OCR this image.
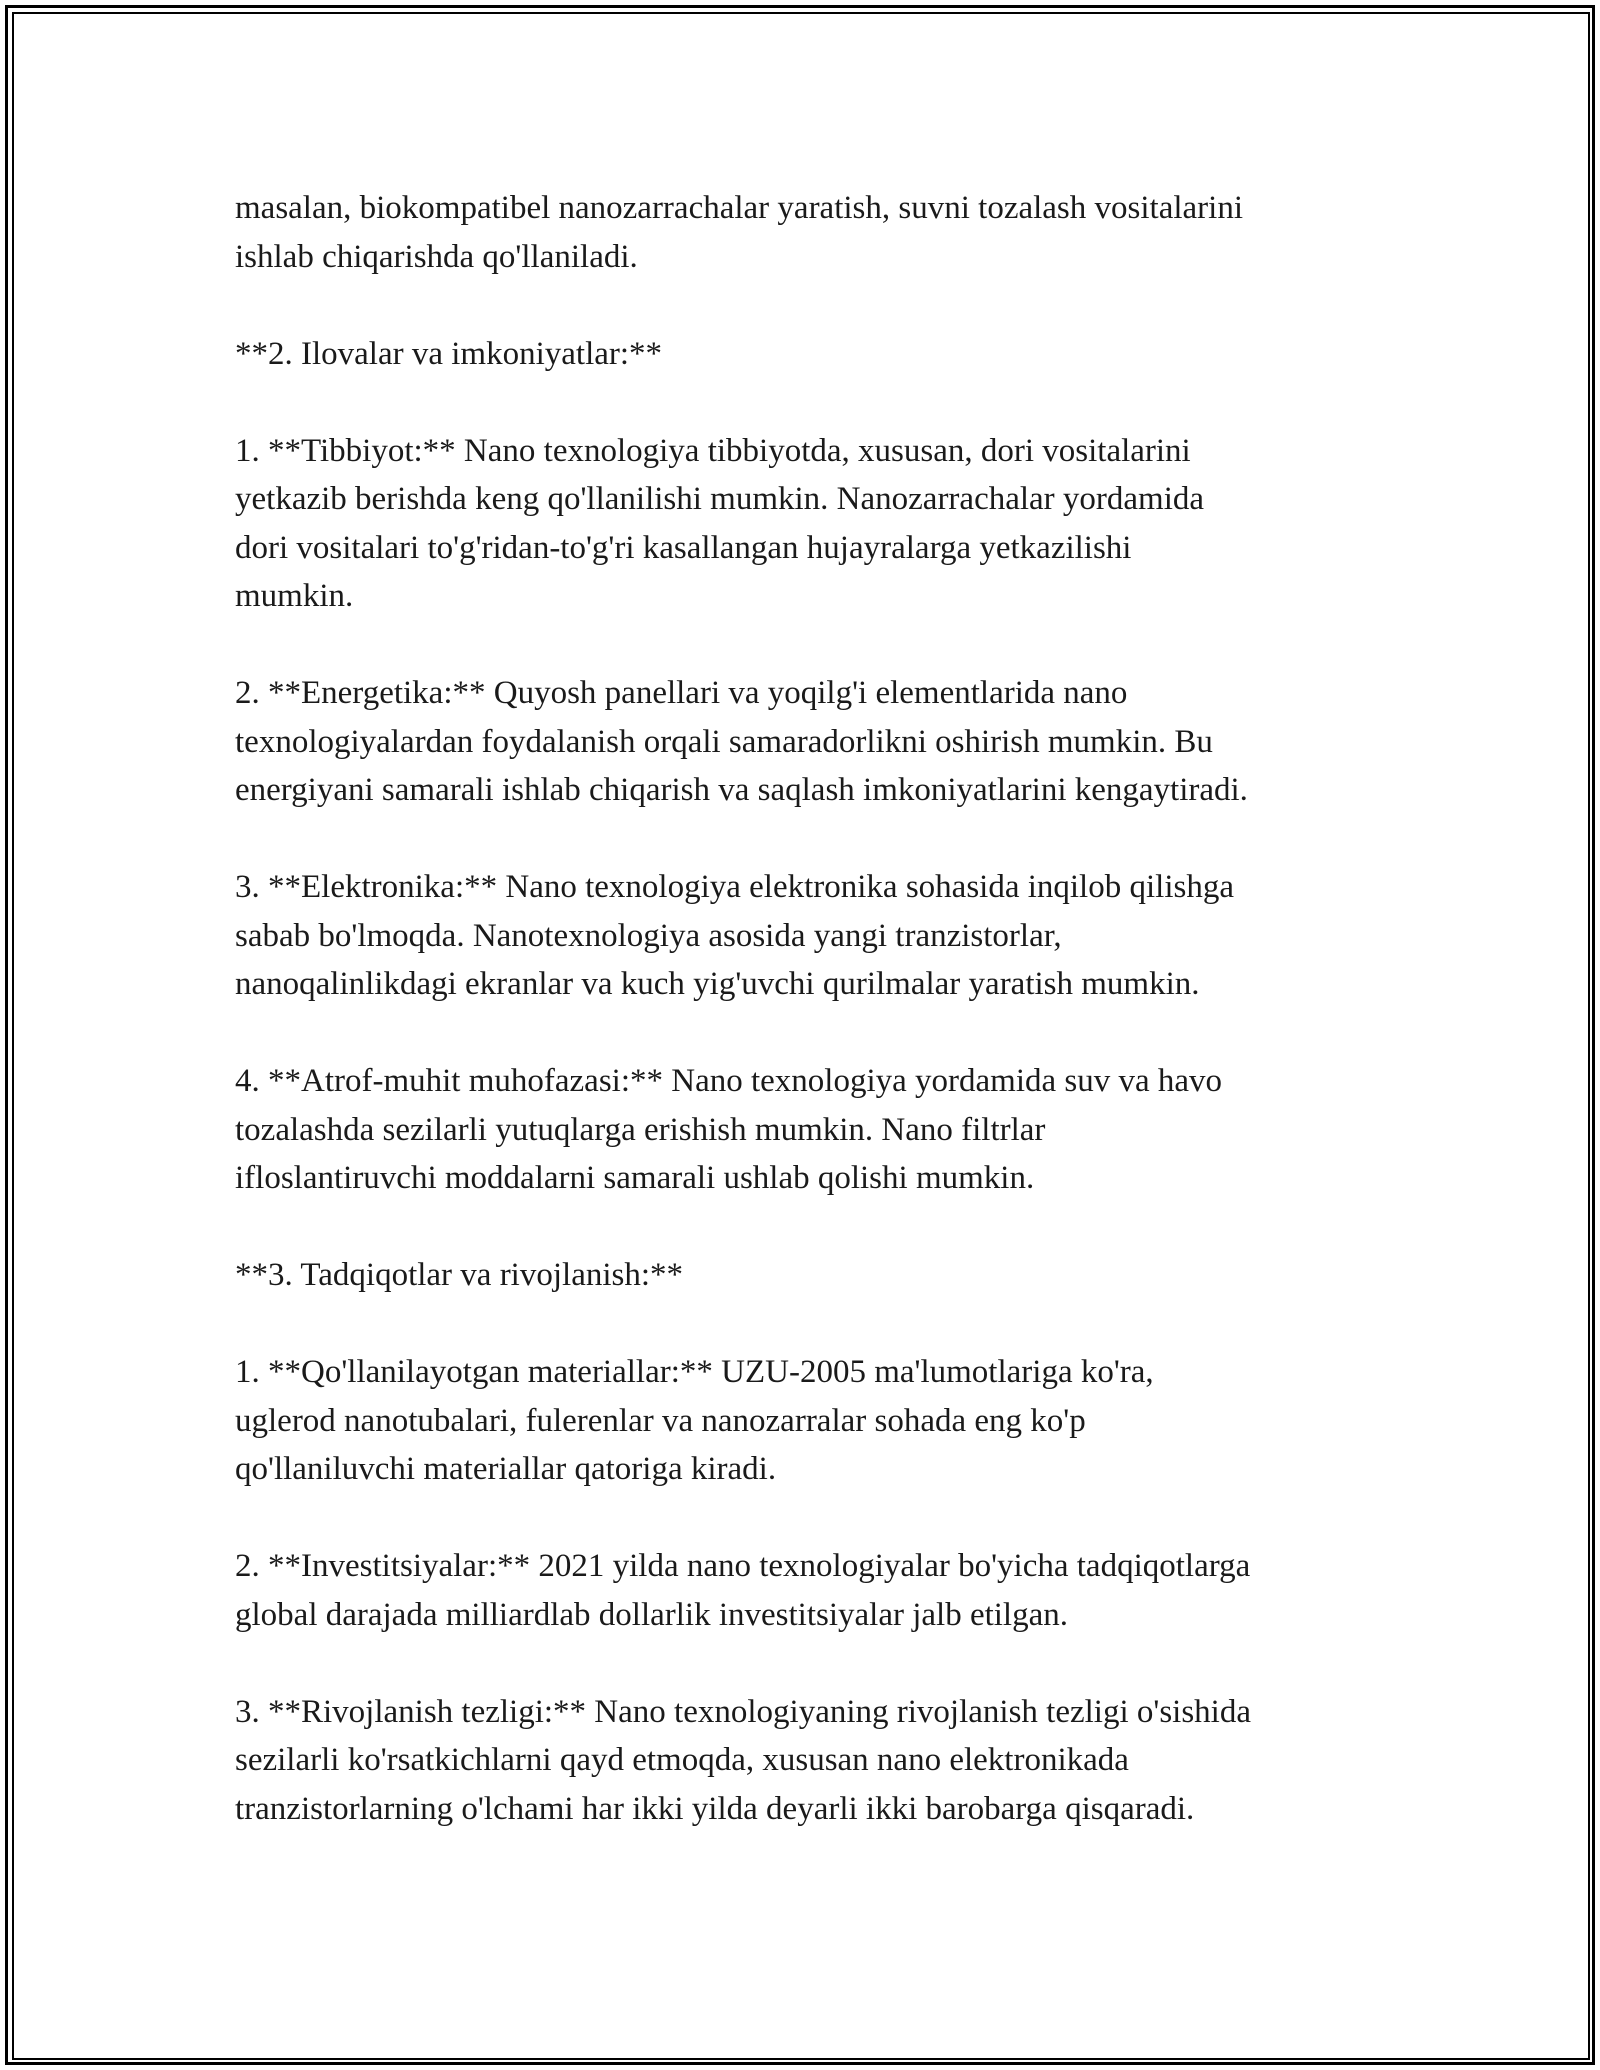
masalan, biokompatibel nanozarrachalar yaratish, suvni tozalash vositalarini
ishlab chiqarishda qo'llaniladi.

**2. Ilovalar va imkoniyatlar:**

1. **Tibbiyot:** Nano texnologiya tibbiyotda, xususan, dori vositalarini
yetkazib berishda keng qo'llanilishi mumkin. Nanozarrachalar yordamida
dori vositalari to'g'ridan-to'g'ri kasallangan hujayralarga yetkazilishi
mumkin.

2. **Energetika:** Quyosh panellari va yoqilg'i elementlarida nano
texnologiyalardan foydalanish orqali samaradorlikni oshirish mumkin. Bu
energiyani samarali ishlab chiqarish va saqlash imkoniyatlarini kengaytiradi.

3. **Elektronika:** Nano texnologiya elektronika sohasida inqilob qilishga
sabab bo'lmoqda. Nanotexnologiya asosida yangi tranzistorlar,
nanoqalinlikdagi ekranlar va kuch yig'uvchi qurilmalar yaratish mumkin.

4. **Atrof-muhit muhofazasi:** Nano texnologiya yordamida suv va havo
tozalashda sezilarli yutuqlarga erishish mumkin. Nano filtrlar
ifloslantiruvchi moddalarni samarali ushlab qolishi mumkin.

**3. Tadqiqotlar va rivojlanish:**

1. **Qo'llanilayotgan materiallar:** UZU-2005 ma'lumotlariga ko'ra,
uglerod nanotubalari, fulerenlar va nanozarralar sohada eng ko'p
qo'llaniluvchi materiallar qatoriga kiradi.

2. **Investitsiyalar:** 2021 yilda nano texnologiyalar bo'yicha tadqiqotlarga
global darajada milliardlab dollarlik investitsiyalar jalb etilgan.

3. **Rivojlanish tezligi:** Nano texnologiyaning rivojlanish tezligi o'sishida
sezilarli ko'rsatkichlarni qayd etmoqda, xususan nano elektronikada
tranzistorlarning o'lchami har ikki yilda deyarli ikki barobarga qisqaradi.
